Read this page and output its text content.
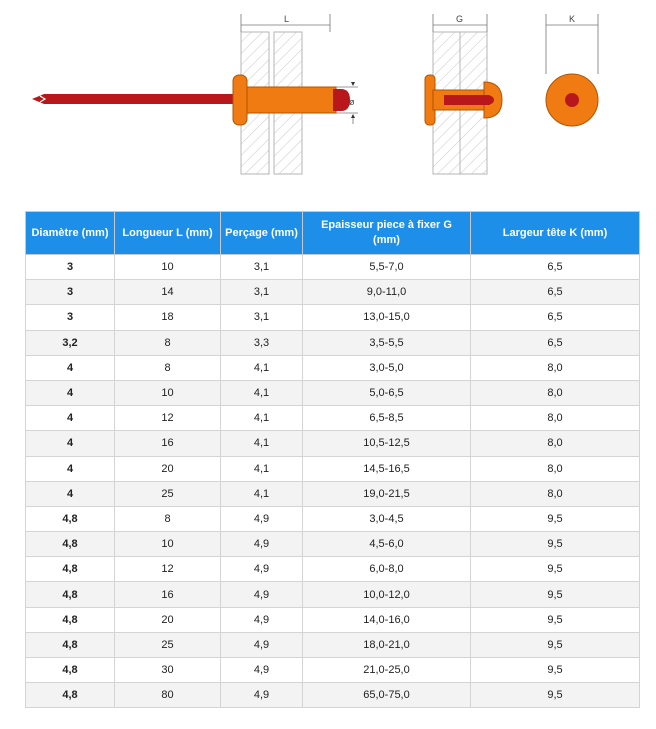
L
ø
G	K
Diamètre (mm)	Longueur L (mm)	Perçage (mm)	Epaisseur piece à fixer G (mm)	Largeur tête K (mm)
3	10	3,1	5,5-7,0	6,5
3	14	3,1	9,0-11,0	6,5
3	18	3,1	13,0-15,0	6,5
3,2	8	3,3	3,5-5,5	6,5
4	8	4,1	3,0-5,0	8,0
4	10	4,1	5,0-6,5	8,0
4	12	4,1	6,5-8,5	8,0
4	16	4,1	10,5-12,5	8,0
4	20	4,1	14,5-16,5	8,0
4	25	4,1	19,0-21,5	8,0
4,8	8	4,9	3,0-4,5	9,5
4,8	10	4,9	4,5-6,0	9,5
4,8	12	4,9	6,0-8,0	9,5
4,8	16	4,9	10,0-12,0	9,5
4,8	20	4,9	14,0-16,0	9,5
4,8	25	4,9	18,0-21,0	9,5
4,8	30	4,9	21,0-25,0	9,5
4,8	80	4,9	65,0-75,0	9,5
